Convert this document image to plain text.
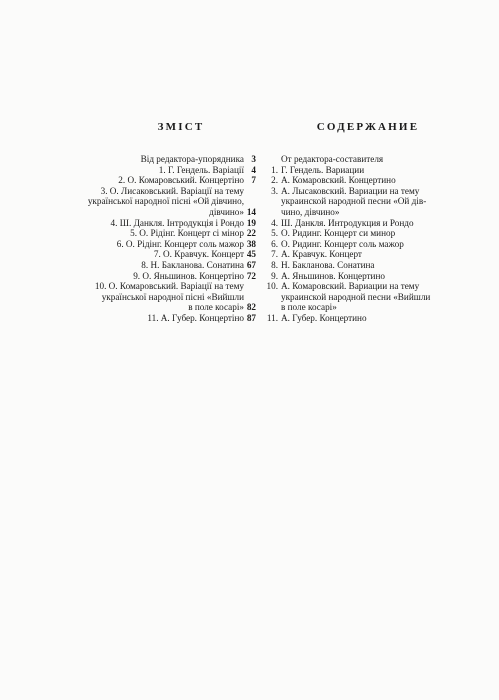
ЗМІСТ	СОДЕРЖАНИЕ
Від редактора-упорядника 3
1. Г. Гендель. Варіації 4
2. О. Комаровський. Концертіно 7
3. О. Лисаковський. Варіації на тему
української народної пісні «Ой дівчино,
дівчино» 14
4. Ш. Данкля. Інтродукція і Рондо 19
5. О. Рідінг. Концерт сі мінор 22
6. О. Рідінг. Концерт соль мажор 38
7. О. Кравчук. Концерт 45
8. Н. Бакланова. Сонатина 67
9. О. Яньшинов. Концертіно 72
10. О. Комаровський. Варіації на тему
української народної пісні «Вийшли
в поле косарі» 82
11. А. Губер. Концертіно 87
От редактора-составителя
1. Г. Гендель. Вариации
2. А. Комаровский. Концертино
3. А. Лысаковский. Вариации на тему
украинской народной песни «Ой дів-
чино, дівчино»
4. Ш. Данкля. Интродукция и Рондо
5. О. Ридинг. Концерт си минор
6. О. Ридинг. Концерт соль мажор
7. А. Кравчук. Концерт
8. Н. Бакланова. Сонатина
9. А. Яньшинов. Концертино
10. А. Комаровский. Вариации на тему
украинской народной песни «Вийшли
в поле косарі»
11. А. Губер. Концертино
